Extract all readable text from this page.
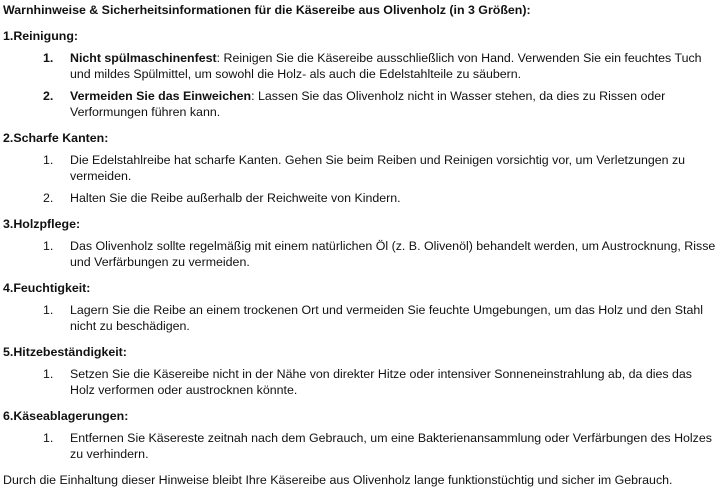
Warnhinweise & Sicherheitsinformationen für die Käsereibe aus Olivenholz (in 3 Größen):
1.Reinigung:
1.	Nicht spülmaschinenfest: Reinigen Sie die Käsereibe ausschließlich von Hand. Verwenden Sie ein feuchtes Tuch und mildes Spülmittel, um sowohl die Holz- als auch die Edelstahlteile zu säubern.
2.	Vermeiden Sie das Einweichen: Lassen Sie das Olivenholz nicht in Wasser stehen, da dies zu Rissen oder Verformungen führen kann.
2.Scharfe Kanten:
1.	Die Edelstahlreibe hat scharfe Kanten. Gehen Sie beim Reiben und Reinigen vorsichtig vor, um Verletzungen zu vermeiden.
2.	Halten Sie die Reibe außerhalb der Reichweite von Kindern.
3.Holzpflege:
1.	Das Olivenholz sollte regelmäßig mit einem natürlichen Öl (z. B. Olivenöl) behandelt werden, um Austrocknung, Risse und Verfärbungen zu vermeiden.
4.Feuchtigkeit:
1.	Lagern Sie die Reibe an einem trockenen Ort und vermeiden Sie feuchte Umgebungen, um das Holz und den Stahl nicht zu beschädigen.
5.Hitzebeständigkeit:
1.	Setzen Sie die Käsereibe nicht in der Nähe von direkter Hitze oder intensiver Sonneneinstrahlung ab, da dies das Holz verformen oder austrocknen könnte.
6.Käseablagerungen:
1.	Entfernen Sie Käsereste zeitnah nach dem Gebrauch, um eine Bakterienansammlung oder Verfärbungen des Holzes zu verhindern.
Durch die Einhaltung dieser Hinweise bleibt Ihre Käsereibe aus Olivenholz lange funktionstüchtig und sicher im Gebrauch.
